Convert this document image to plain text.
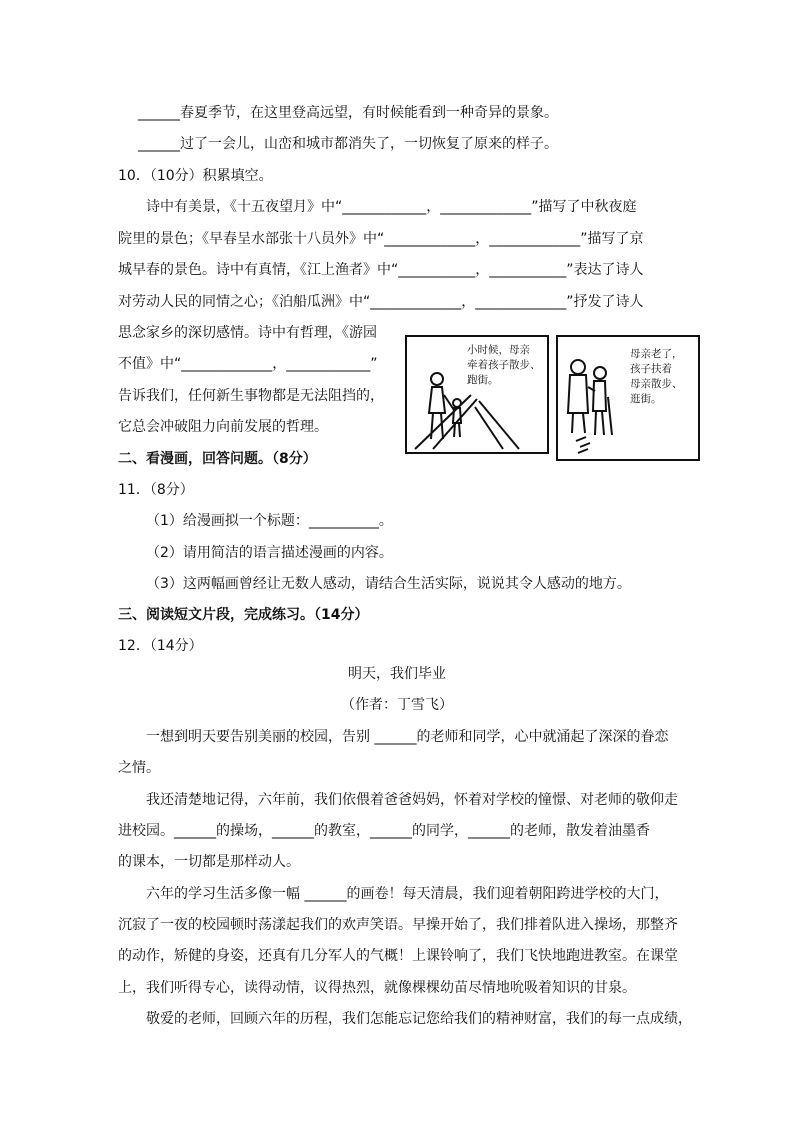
______春夏季节，在这里登高远望，有时候能看到一种奇异的景象。
______过了一会儿，山峦和城市都消失了，一切恢复了原来的样子。
10．（10分）积累填空。
诗中有美景，《十五夜望月》中“____________，_____________”描写了中秋夜庭
院里的景色；《早春呈水部张十八员外》中“_____________，_____________”描写了京
城早春的景色。诗中有真情，《江上渔者》中“___________，___________”表达了诗人
对劳动人民的同情之心；《泊船瓜洲》中“_____________，_____________”抒发了诗人
思念家乡的深切感情。诗中有哲理，《游园
不值》中“_____________，____________”
告诉我们，任何新生事物都是无法阻挡的，
它总会冲破阻力向前发展的哲理。
小时候，母亲
牵着孩子散步、
跑街。
母亲老了，
孩子扶着
母亲散步、
逛街。
二、看漫画，回答问题。（8分）
11．（8分）
（1）给漫画拟一个标题：__________。
（2）请用简洁的语言描述漫画的内容。
（3）这两幅画曾经让无数人感动，请结合生活实际，说说其令人感动的地方。
三、阅读短文片段，完成练习。（14分）
12．（14分）
明天，我们毕业
（作者：丁雪飞）
一想到明天要告别美丽的校园，告别 ______的老师和同学，心中就涌起了深深的眷恋
之情。
我还清楚地记得，六年前，我们依偎着爸爸妈妈，怀着对学校的憧憬、对老师的敬仰走
进校园。______的操场，______的教室，______的同学，______的老师，散发着油墨香
的课本，一切都是那样动人。
六年的学习生活多像一幅 ______的画卷！每天清晨，我们迎着朝阳跨进学校的大门，
沉寂了一夜的校园顿时荡漾起我们的欢声笑语。早操开始了，我们排着队进入操场，那整齐
的动作，矫健的身姿，还真有几分军人的气概！上课铃响了，我们飞快地跑进教室。在课堂
上，我们听得专心，读得动情，议得热烈，就像棵棵幼苗尽情地吮吸着知识的甘泉。
敬爱的老师，回顾六年的历程，我们怎能忘记您给我们的精神财富，我们的每一点成绩，
